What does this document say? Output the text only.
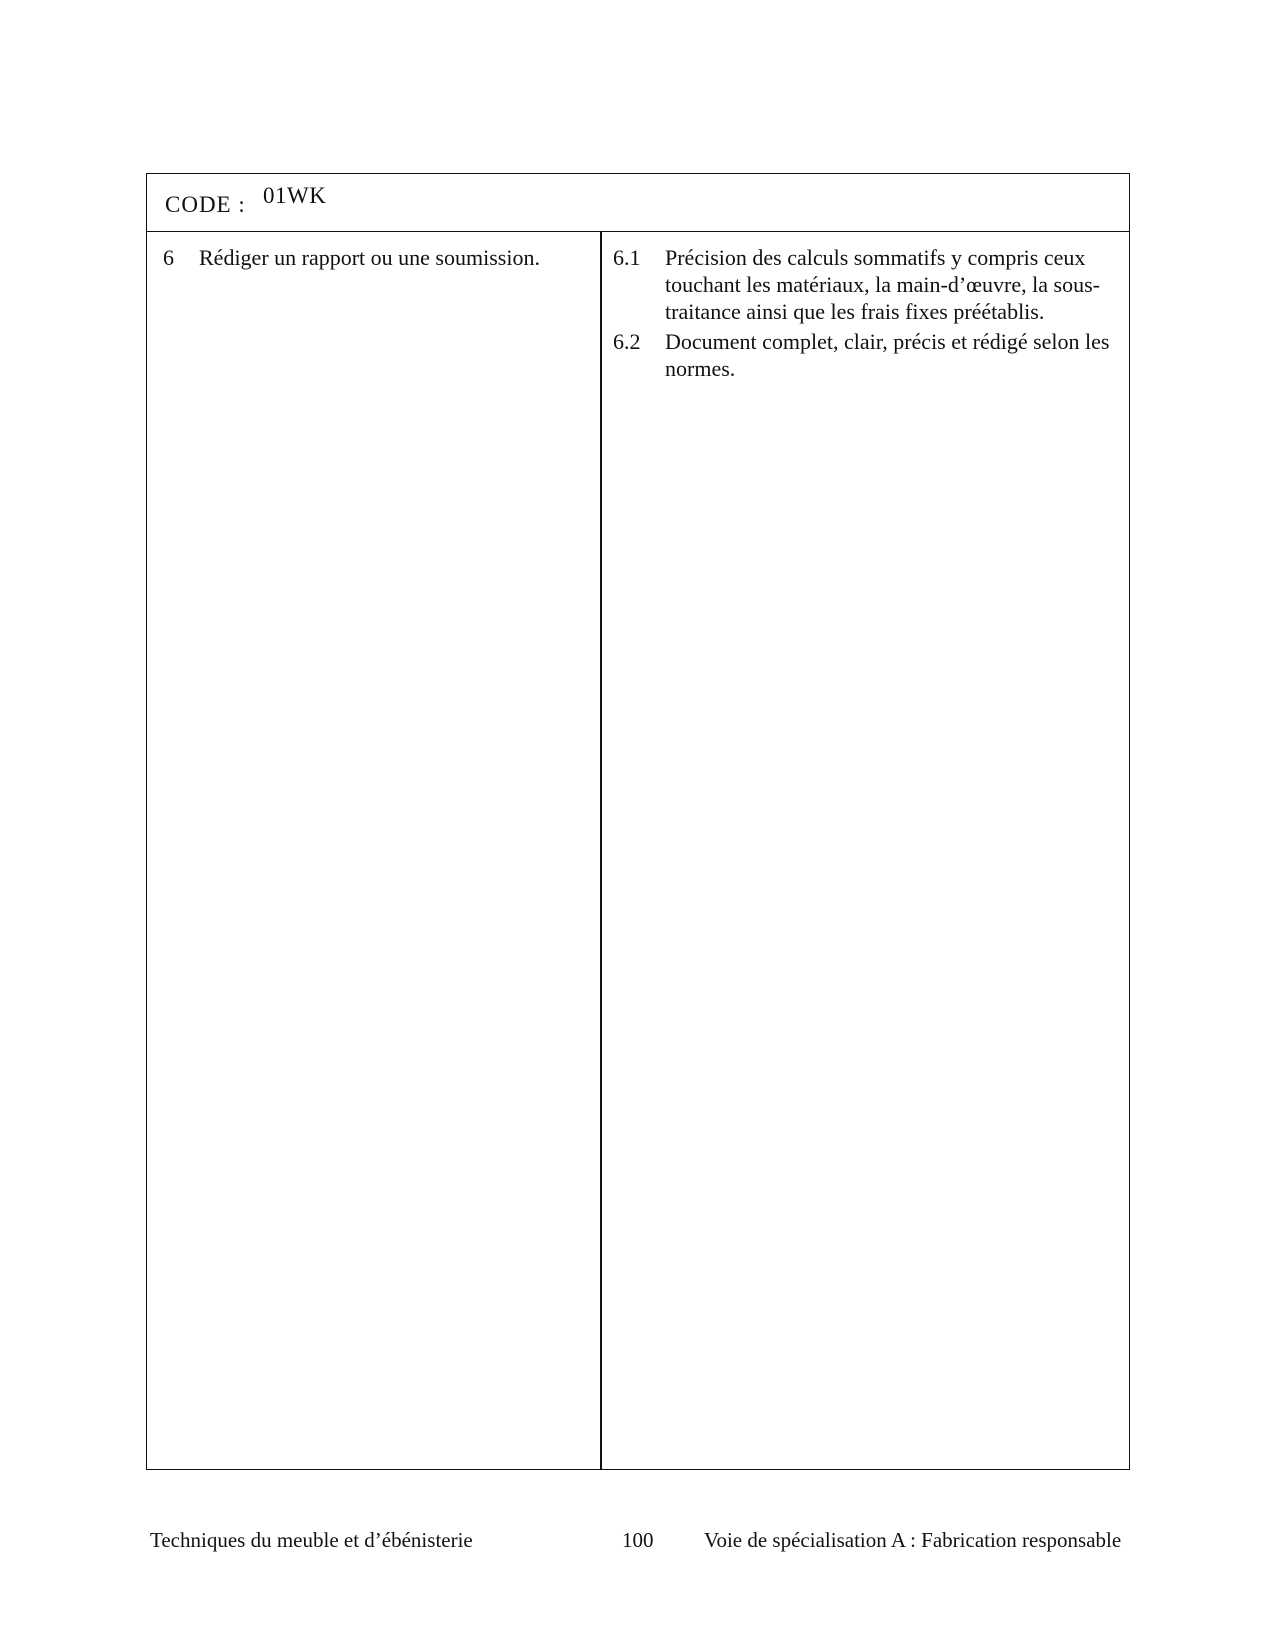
CODE : 01WK
6 Rédiger un rapport ou une soumission.	6.1 Précision des calculs sommatifs y compris ceux touchant les matériaux, la main-d’œuvre, la sous-traitance ainsi que les frais fixes préétablis.
6.2 Document complet, clair, précis et rédigé selon les normes.
Techniques du meuble et d’ébénisterie	100 Voie de spécialisation A : Fabrication responsable
